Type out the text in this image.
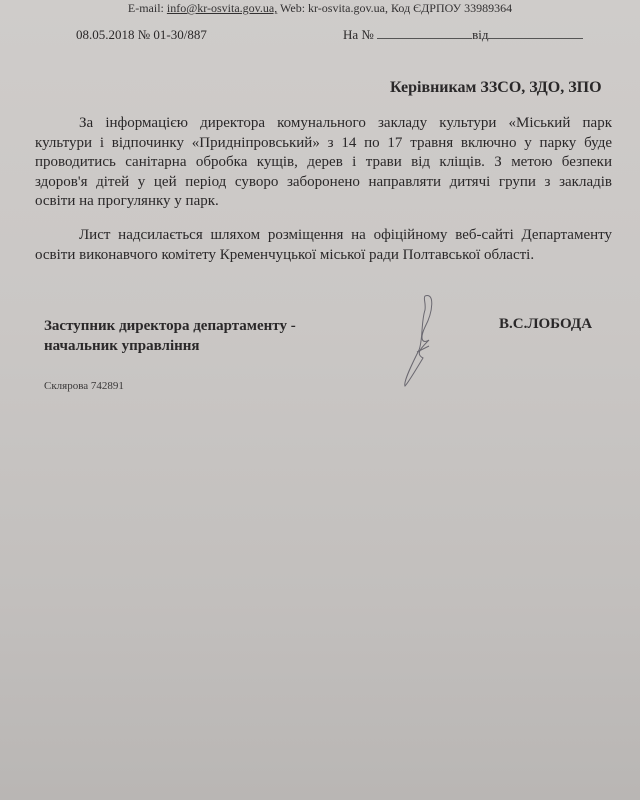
E-mail: info@kr-osvita.gov.ua, Web: kr-osvita.gov.ua, Код ЄДРПОУ 33989364
08.05.2018 № 01-30/887	На №	від
Керівникам ЗЗСО, ЗДО, ЗПО
За інформацією директора комунального закладу культури «Міський парк
культури і відпочинку «Придніпровський» з 14 по 17 травня включно у парку буде
проводитись санітарна обробка кущів, дерев і трави від кліщів. З метою безпеки
здоров'я дітей у цей період суворо заборонено направляти дитячі групи з закладів
освіти на прогулянку у парк.
Лист надсилається шляхом розміщення на офіційному веб-сайті Департаменту
освіти виконавчого комітету Кременчуцької міської ради Полтавської області.
Заступник директора департаменту -
начальник управління
В.С.ЛОБОДА
Склярова 742891
